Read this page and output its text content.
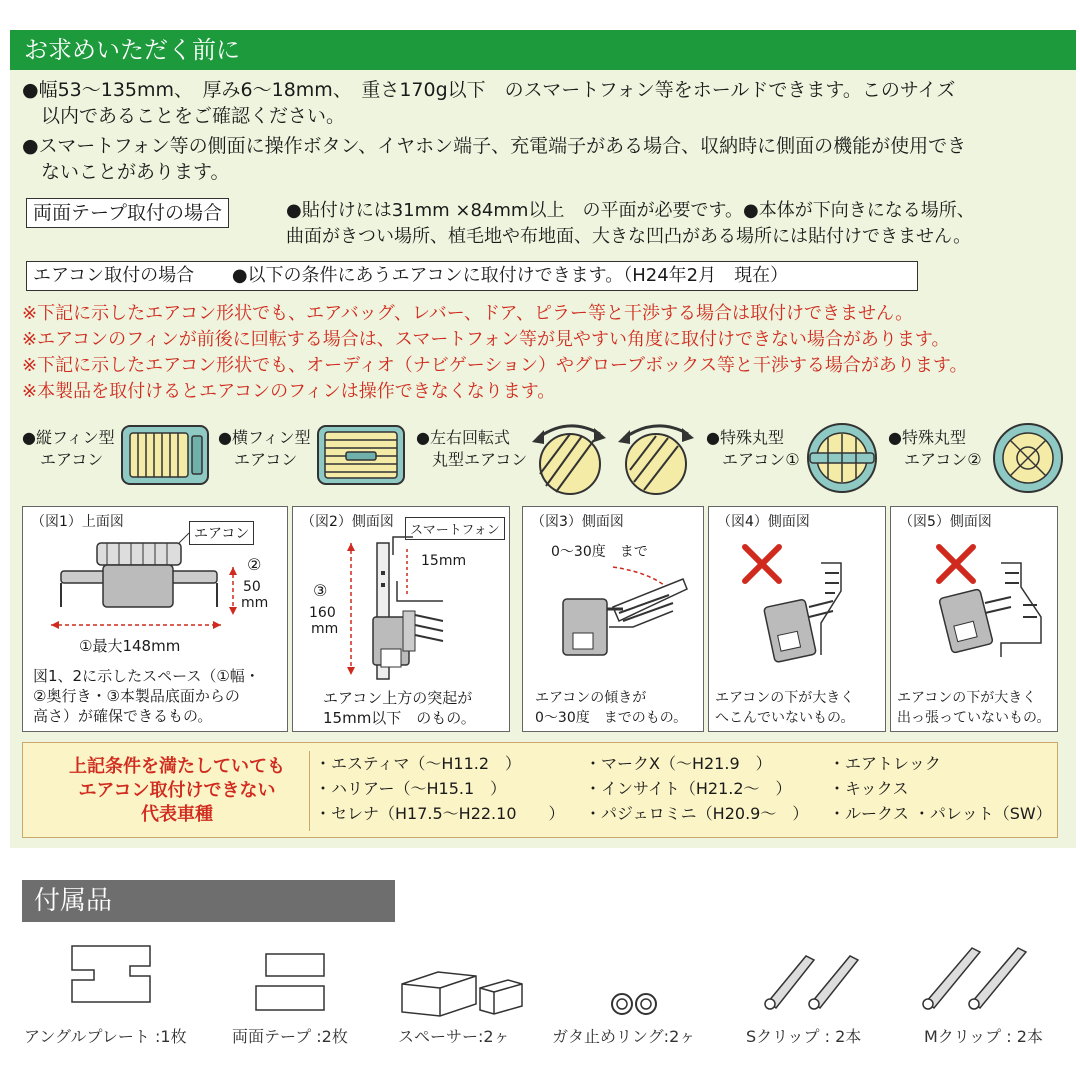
お求めいただく前に
●幅53～135mm、　厚み6～18mm、　重さ170g以下　のスマートフォン等をホールドできます。このサイズ
　以内であることをご確認ください。
●スマートフォン等の側面に操作ボタン、イヤホン端子、充電端子がある場合、収納時に側面の機能が使用でき
　ないことがあります。
両面テープ取付の場合	●貼付けには31mm ×84mm以上　の平面が必要です。●本体が下向きになる場所、
曲面がきつい場所、植毛地や布地面、大きな凹凸がある場所には貼付けできません。
エアコン取付の場合 ●以下の条件にあうエアコンに取付けできます。（H24年2月　現在）
※下記に示したエアコン形状でも、エアバッグ、レバー、ドア、ピラー等と干渉する場合は取付けできません。
※エアコンのフィンが前後に回転する場合は、スマートフォン等が見やすい角度に取付けできない場合があります。
※下記に示したエアコン形状でも、オーディオ（ナビゲーション）やグローブボックス等と干渉する場合があります。
※本製品を取付けるとエアコンのフィンは操作できなくなります。
●縦フィン型
エアコン
●横フィン型
エアコン
●左右回転式
丸型エアコン
●特殊丸型
エアコン①
●特殊丸型
エアコン②
（図1）上面図
エアコン
②
50
mm
①最大148mm
図1、2に示したスペース（①幅・
②奥行き・③本製品底面からの
高さ）が確保できるもの。
（図2）側面図
スマートフォン
15mm
③
160
mm
エアコン上方の突起が
15mm以下　のもの。
（図3）側面図
0～30度　まで
エアコンの傾きが
0～30度　までのもの。
（図4）側面図
エアコンの下が大きく
へこんでいないもの。
（図5）側面図
エアコンの下が大きく
出っ張っていないもの。
上記条件を満たしていても
エアコン取付けできない
代表車種
・エスティマ（～H11.2　）
・ハリアー（～H15.1　）
・セレナ（H17.5～H22.10　　）
・マークX（～H21.9　）
・インサイト（H21.2～　）
・パジェロミニ（H20.9～　）
・エアトレック
・キックス
・ルークス ・パレット（SW）
付属品
アングルプレート :1枚	両面テープ :2枚	スペーサー:2ヶ	ガタ止めリング:2ヶ	Sクリップ : 2本	Mクリップ : 2本
